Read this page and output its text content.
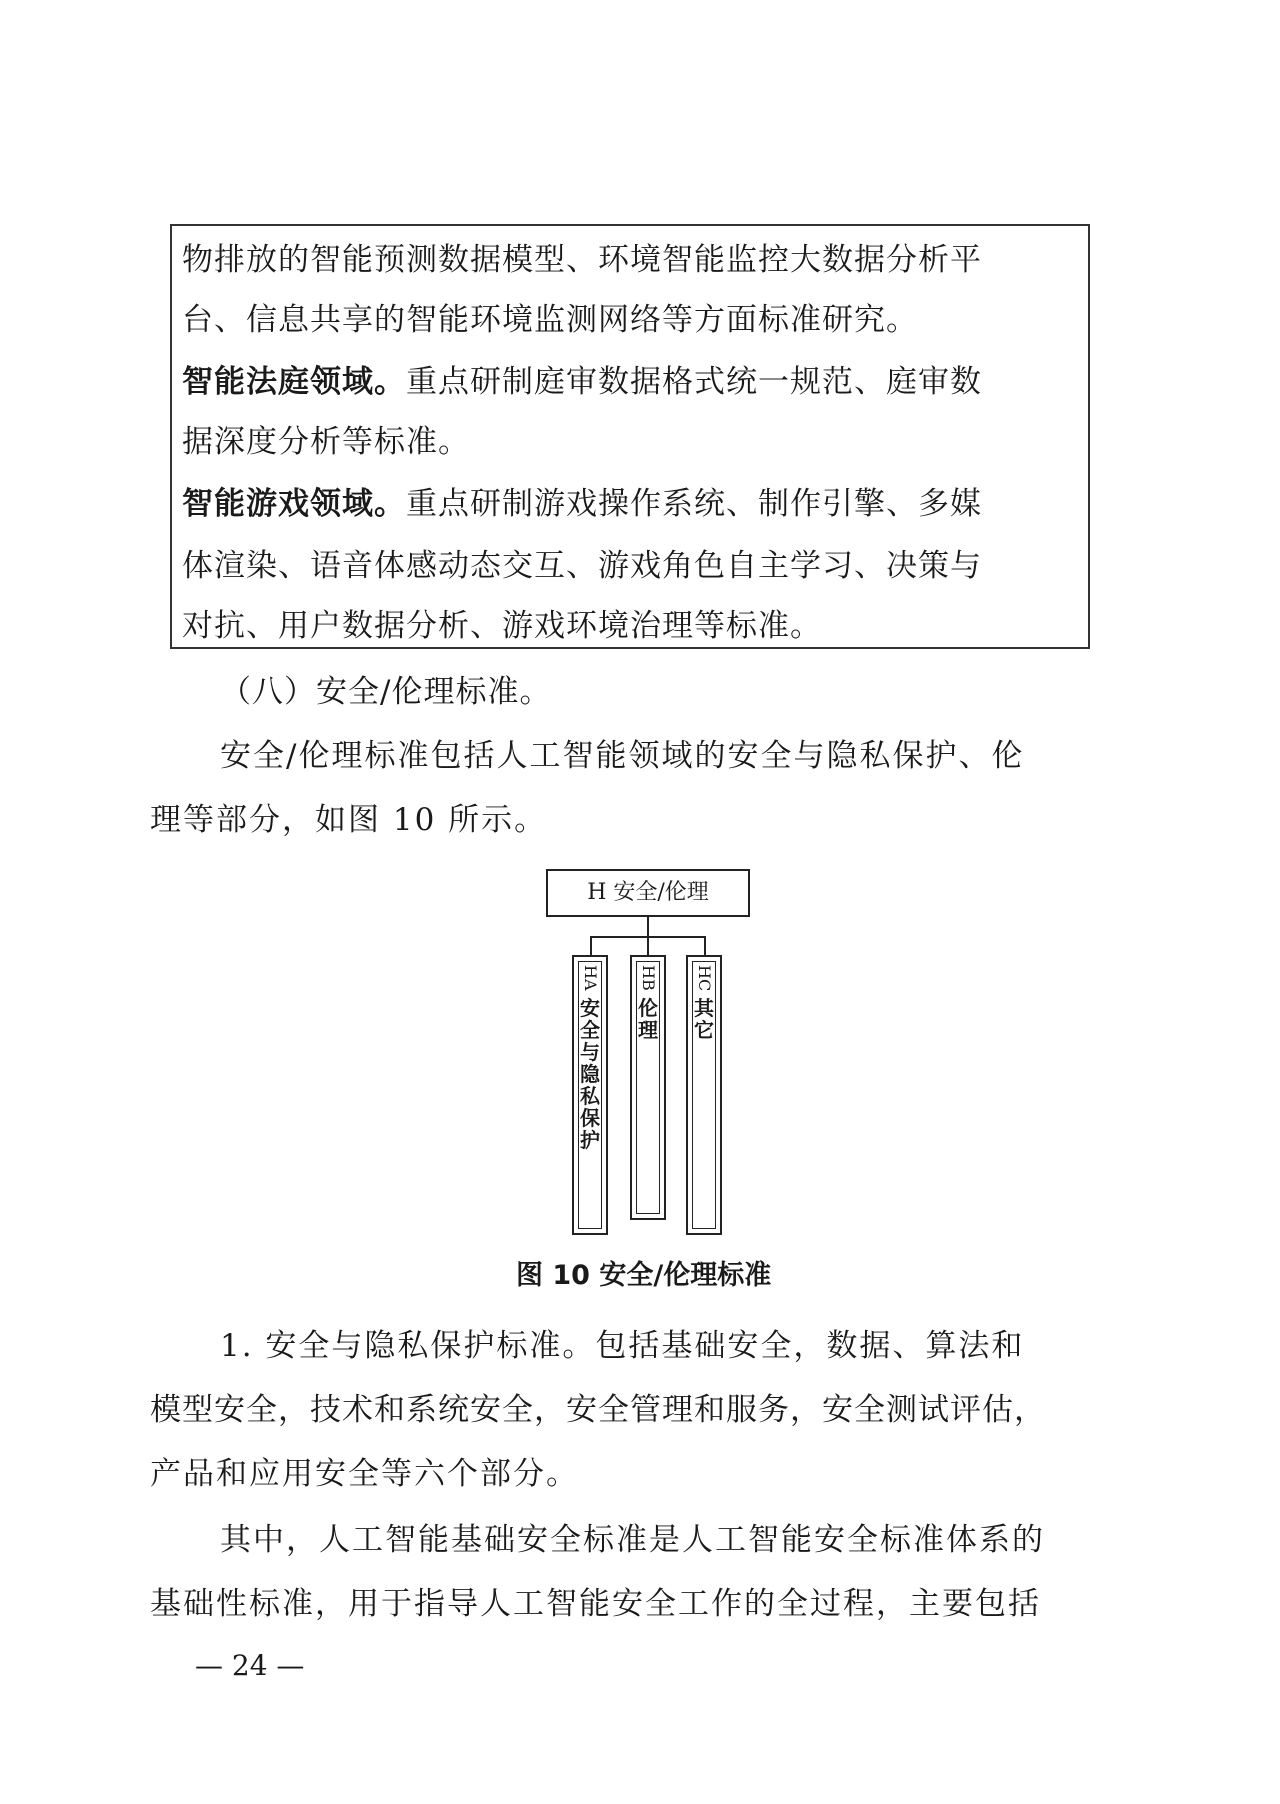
物排放的智能预测数据模型、环境智能监控大数据分析平
台、信息共享的智能环境监测网络等方面标准研究。
智能法庭领域。重点研制庭审数据格式统一规范、庭审数
据深度分析等标准。
智能游戏领域。重点研制游戏操作系统、制作引擎、多媒
体渲染、语音体感动态交互、游戏角色自主学习、决策与
对抗、用户数据分析、游戏环境治理等标准。
（八）安全/伦理标准。
安全/伦理标准包括人工智能领域的安全与隐私保护、伦
理等部分，如图 10 所示。
H 安全/伦理
HA
安全与隐私保护
HB
伦理
HC
其它
图 10 安全/伦理标准
1. 安全与隐私保护标准。包括基础安全，数据、算法和
模型安全，技术和系统安全，安全管理和服务，安全测试评估，
产品和应用安全等六个部分。
其中，人工智能基础安全标准是人工智能安全标准体系的
基础性标准，用于指导人工智能安全工作的全过程，主要包括
— 24 —
